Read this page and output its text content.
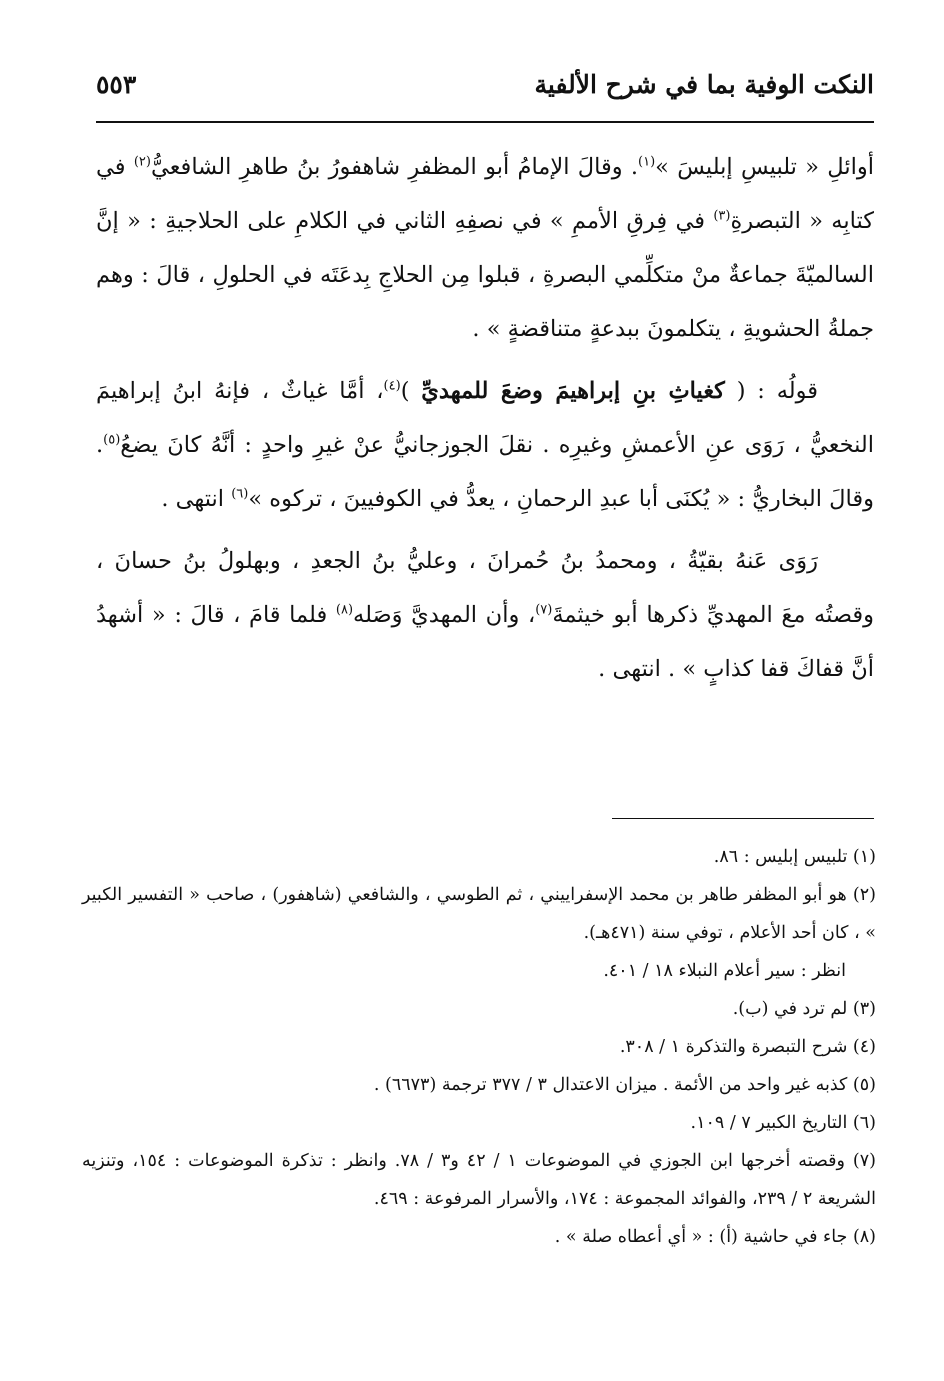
النكت الوفية بما في شرح الألفية
٥٥٣

أوائلِ « تلبيسِ إبليسَ »$^{(١)}$. وقالَ الإمامُ أبو المظفرِ شاهفورُ بنُ طاهرِ الشافعيُّ$^{(٢)}$ في كتابِه « التبصرةِ$^{(٣)}$ في فِرقِ الأممِ » في نصفِهِ الثاني في الكلامِ على الحلاجيةِ : « إنَّ السالميّةَ جماعةٌ منْ متكلِّمي البصرةِ ، قبلوا مِن الحلاجِ بِدعَتَه في الحلولِ ، قالَ : وهم جملةُ الحشويةِ ، يتكلمونَ ببدعةٍ متناقضةٍ » .

قولُه : ( كغياثِ بنِ إبراهيمَ وضعَ للمهديِّ )$^{(٤)}$، أمَّا غياثٌ ، فإنهُ ابنُ إبراهيمَ النخعيُّ ، رَوَى عنِ الأعمشِ وغيرِه . نقلَ الجوزجانيُّ عنْ غيرِ واحدٍ : أنَّهُ كانَ يضعُ$^{(٥)}$. وقالَ البخاريُّ : « يُكنَى أبا عبدِ الرحمانِ ، يعدُّ في الكوفيينَ ، تركوه »$^{(٦)}$ انتهى .

رَوَى عَنهُ بقيّةُ ، ومحمدُ بنُ حُمرانَ ، وعليُّ بنُ الجعدِ ، وبهلولُ بنُ حسانَ ، وقصتُه معَ المهديِّ ذكرها أبو خيثمةَ$^{(٧)}$، وأن المهديَّ وَصَله$^{(٨)}$ فلما قامَ ، قالَ : « أشهدُ أنَّ قفاكَ قفا كذابٍ » . انتهى .

(١) تلبيس إبليس : ٨٦.

(٢) هو أبو المظفر طاهر بن محمد الإسفراييني ، ثم الطوسي ، والشافعي (شاهفور) ، صاحب « التفسير الكبير » ، كان أحد الأعلام ، توفي سنة (٤٧١هـ).

انظر : سير أعلام النبلاء ١٨ / ٤٠١.

(٣) لم ترد في (ب).

(٤) شرح التبصرة والتذكرة ١ / ٣٠٨.

(٥) كذبه غير واحد من الأئمة . ميزان الاعتدال ٣ / ٣٧٧ ترجمة (٦٦٧٣) .

(٦) التاريخ الكبير ٧ / ١٠٩.

(٧) وقصته أخرجها ابن الجوزي في الموضوعات ١ / ٤٢ و٣ / ٧٨. وانظر : تذكرة الموضوعات : ١٥٤، وتنزيه الشريعة ٢ / ٢٣٩، والفوائد المجموعة : ١٧٤، والأسرار المرفوعة : ٤٦٩.

(٨) جاء في حاشية (أ) : « أي أعطاه صلة » .
